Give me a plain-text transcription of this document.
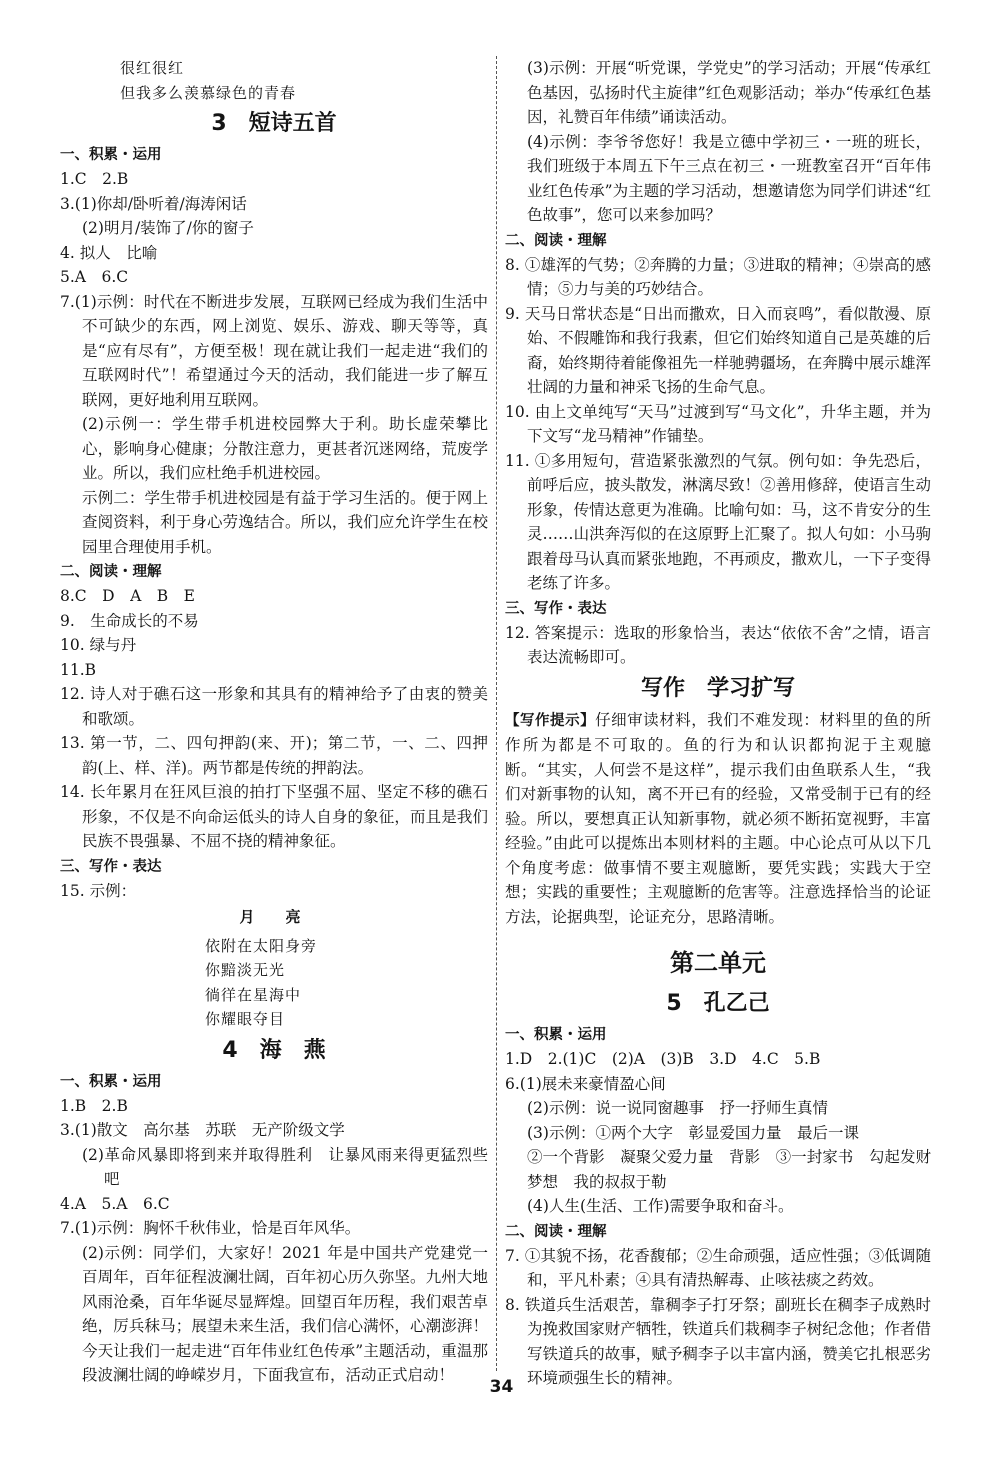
很红很红

但我多么羡慕绿色的青春

3　短诗五首

一、积累・运用

1.C　2.B

3.(1)你却/卧听着/海涛闲话

(2)明月/装饰了/你的窗子

4. 拟人　比喻

5.A　6.C

7.(1)示例：时代在不断进步发展，互联网已经成为我们生活中不可缺少的东西，网上浏览、娱乐、游戏、聊天等等，真是“应有尽有”，方便至极！现在就让我们一起走进“我们的互联网时代”！希望通过今天的活动，我们能进一步了解互联网，更好地利用互联网。

(2)示例一：学生带手机进校园弊大于利。助长虚荣攀比心，影响身心健康；分散注意力，更甚者沉迷网络，荒废学业。所以，我们应杜绝手机进校园。

示例二：学生带手机进校园是有益于学习生活的。便于网上查阅资料，利于身心劳逸结合。所以，我们应允许学生在校园里合理使用手机。

二、阅读・理解

8.C　D　A　B　E

9.　生命成长的不易

10. 绿与丹

11.B

12. 诗人对于礁石这一形象和其具有的精神给予了由衷的赞美和歌颂。

13. 第一节，二、四句押韵(来、开)；第二节，一、二、四押韵(上、样、洋)。两节都是传统的押韵法。

14. 长年累月在狂风巨浪的拍打下坚强不屈、坚定不移的礁石形象，不仅是不向命运低头的诗人自身的象征，而且是我们民族不畏强暴、不屈不挠的精神象征。

三、写作・表达

15. 示例：

月　亮

依附在太阳身旁

你黯淡无光

徜徉在星海中

你耀眼夺目

4　海　燕

一、积累・运用

1.B　2.B

3.(1)散文　高尔基　苏联　无产阶级文学

(2)革命风暴即将到来并取得胜利　让暴风雨来得更猛烈些吧

4.A　5.A　6.C

7.(1)示例：胸怀千秋伟业，恰是百年风华。

(2)示例：同学们，大家好！2021 年是中国共产党建党一百周年，百年征程波澜壮阔，百年初心历久弥坚。九州大地风雨沧桑，百年华诞尽显辉煌。回望百年历程，我们艰苦卓绝，厉兵秣马；展望未来生活，我们信心满怀，心潮澎湃！今天让我们一起走进“百年伟业红色传承”主题活动，重温那段波澜壮阔的峥嵘岁月，下面我宣布，活动正式启动！

(3)示例：开展“听党课，学党史”的学习活动；开展“传承红色基因，弘扬时代主旋律”红色观影活动；举办“传承红色基因，礼赞百年伟绩”诵读活动。

(4)示例：李爷爷您好！我是立德中学初三・一班的班长，我们班级于本周五下午三点在初三・一班教室召开“百年伟业红色传承”为主题的学习活动，想邀请您为同学们讲述“红色故事”，您可以来参加吗？

二、阅读・理解

8. ①雄浑的气势；②奔腾的力量；③进取的精神；④崇高的感情；⑤力与美的巧妙结合。

9. 天马日常状态是“日出而撒欢，日入而哀鸣”，看似散漫、原始、不假雕饰和我行我素，但它们始终知道自己是英雄的后裔，始终期待着能像祖先一样驰骋疆场，在奔腾中展示雄浑壮阔的力量和神采飞扬的生命气息。

10. 由上文单纯写“天马”过渡到写“马文化”，升华主题，并为下文写“龙马精神”作铺垫。

11. ①多用短句，营造紧张激烈的气氛。例句如：争先恐后，前呼后应，披头散发，淋漓尽致！②善用修辞，使语言生动形象，传情达意更为准确。比喻句如：马，这不肯安分的生灵……山洪奔泻似的在这原野上汇聚了。拟人句如：小马驹跟着母马认真而紧张地跑，不再顽皮，撒欢儿，一下子变得老练了许多。

三、写作・表达

12. 答案提示：选取的形象恰当，表达“依依不舍”之情，语言表达流畅即可。

写作　学习扩写

【写作提示】仔细审读材料，我们不难发现：材料里的鱼的所作所为都是不可取的。鱼的行为和认识都拘泥于主观臆断。“其实，人何尝不是这样”，提示我们由鱼联系人生，“我们对新事物的认知，离不开已有的经验，又常受制于已有的经验。所以，要想真正认知新事物，就必须不断拓宽视野，丰富经验。”由此可以提炼出本则材料的主题。中心论点可从以下几个角度考虑：做事情不要主观臆断，要凭实践；实践大于空想；实践的重要性；主观臆断的危害等。注意选择恰当的论证方法，论据典型，论证充分，思路清晰。

第二单元
5　孔乙己

一、积累・运用

1.D　2.(1)C　(2)A　(3)B　3.D　4.C　5.B

6.(1)展未来豪情盈心间

(2)示例：说一说同窗趣事　抒一抒师生真情

(3)示例：①两个大字　彰显爱国力量　最后一课

②一个背影　凝聚父爱力量　背影　③一封家书　勾起发财梦想　我的叔叔于勒

(4)人生(生活、工作)需要争取和奋斗。

二、阅读・理解

7. ①其貌不扬，花香馥郁；②生命顽强，适应性强；③低调随和，平凡朴素；④具有清热解毒、止咳祛痰之药效。

8. 铁道兵生活艰苦，靠稠李子打牙祭；副班长在稠李子成熟时为挽救国家财产牺牲，铁道兵们栽稠李子树纪念他；作者借写铁道兵的故事，赋予稠李子以丰富内涵，赞美它扎根恶劣环境顽强生长的精神。

34
